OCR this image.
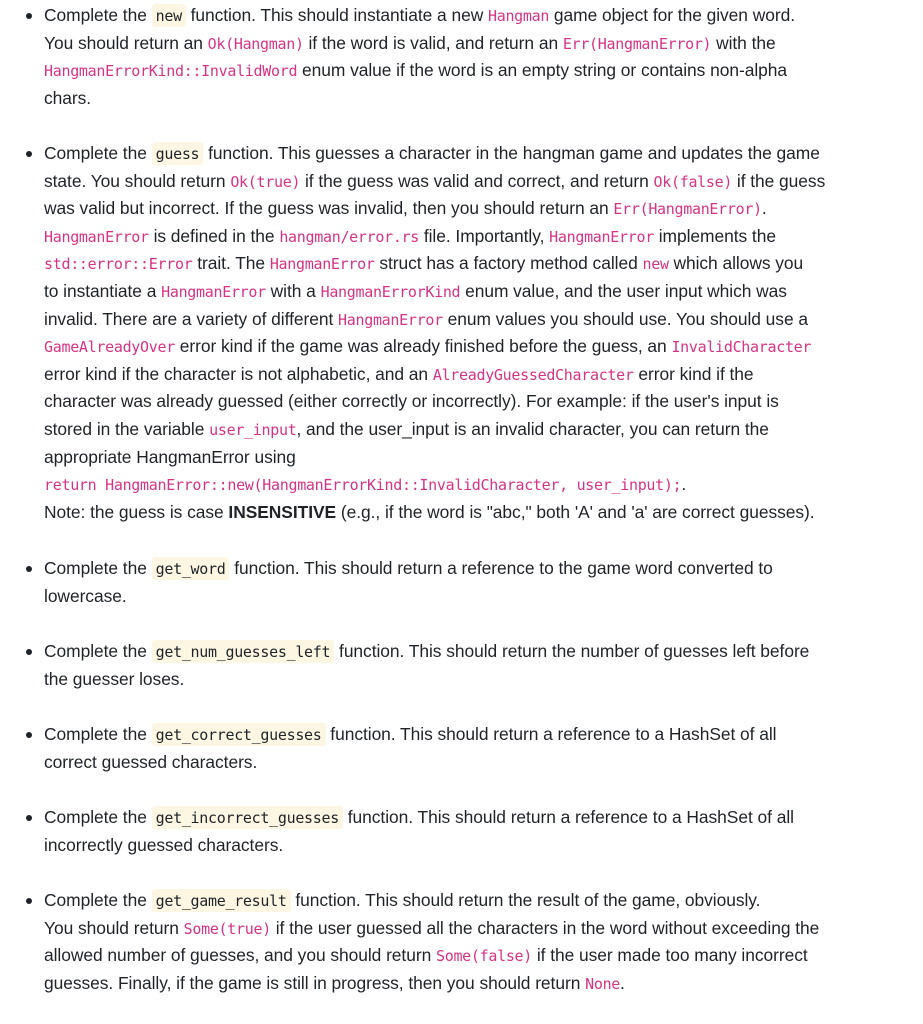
Complete the new function. This should instantiate a new Hangman game object for the given word.
You should return an Ok(Hangman) if the word is valid, and return an Err(HangmanError) with the
HangmanErrorKind::InvalidWord enum value if the word is an empty string or contains non-alpha
chars.
Complete the guess function. This guesses a character in the hangman game and updates the game
state. You should return Ok(true) if the guess was valid and correct, and return Ok(false) if the guess
was valid but incorrect. If the guess was invalid, then you should return an Err(HangmanError).
HangmanError is defined in the hangman/error.rs file. Importantly, HangmanError implements the
std::error::Error trait. The HangmanError struct has a factory method called new which allows you
to instantiate a HangmanError with a HangmanErrorKind enum value, and the user input which was
invalid. There are a variety of different HangmanError enum values you should use. You should use a
GameAlreadyOver error kind if the game was already finished before the guess, an InvalidCharacter
error kind if the character is not alphabetic, and an AlreadyGuessedCharacter error kind if the
character was already guessed (either correctly or incorrectly). For example: if the user's input is
stored in the variable user_input, and the user_input is an invalid character, you can return the
appropriate HangmanError using
return HangmanError::new(HangmanErrorKind::InvalidCharacter, user_input);.
Note: the guess is case INSENSITIVE (e.g., if the word is "abc," both 'A' and 'a' are correct guesses).
Complete the get_word function. This should return a reference to the game word converted to
lowercase.
Complete the get_num_guesses_left function. This should return the number of guesses left before
the guesser loses.
Complete the get_correct_guesses function. This should return a reference to a HashSet of all
correct guessed characters.
Complete the get_incorrect_guesses function. This should return a reference to a HashSet of all
incorrectly guessed characters.
Complete the get_game_result function. This should return the result of the game, obviously.
You should return Some(true) if the user guessed all the characters in the word without exceeding the
allowed number of guesses, and you should return Some(false) if the user made too many incorrect
guesses. Finally, if the game is still in progress, then you should return None.
